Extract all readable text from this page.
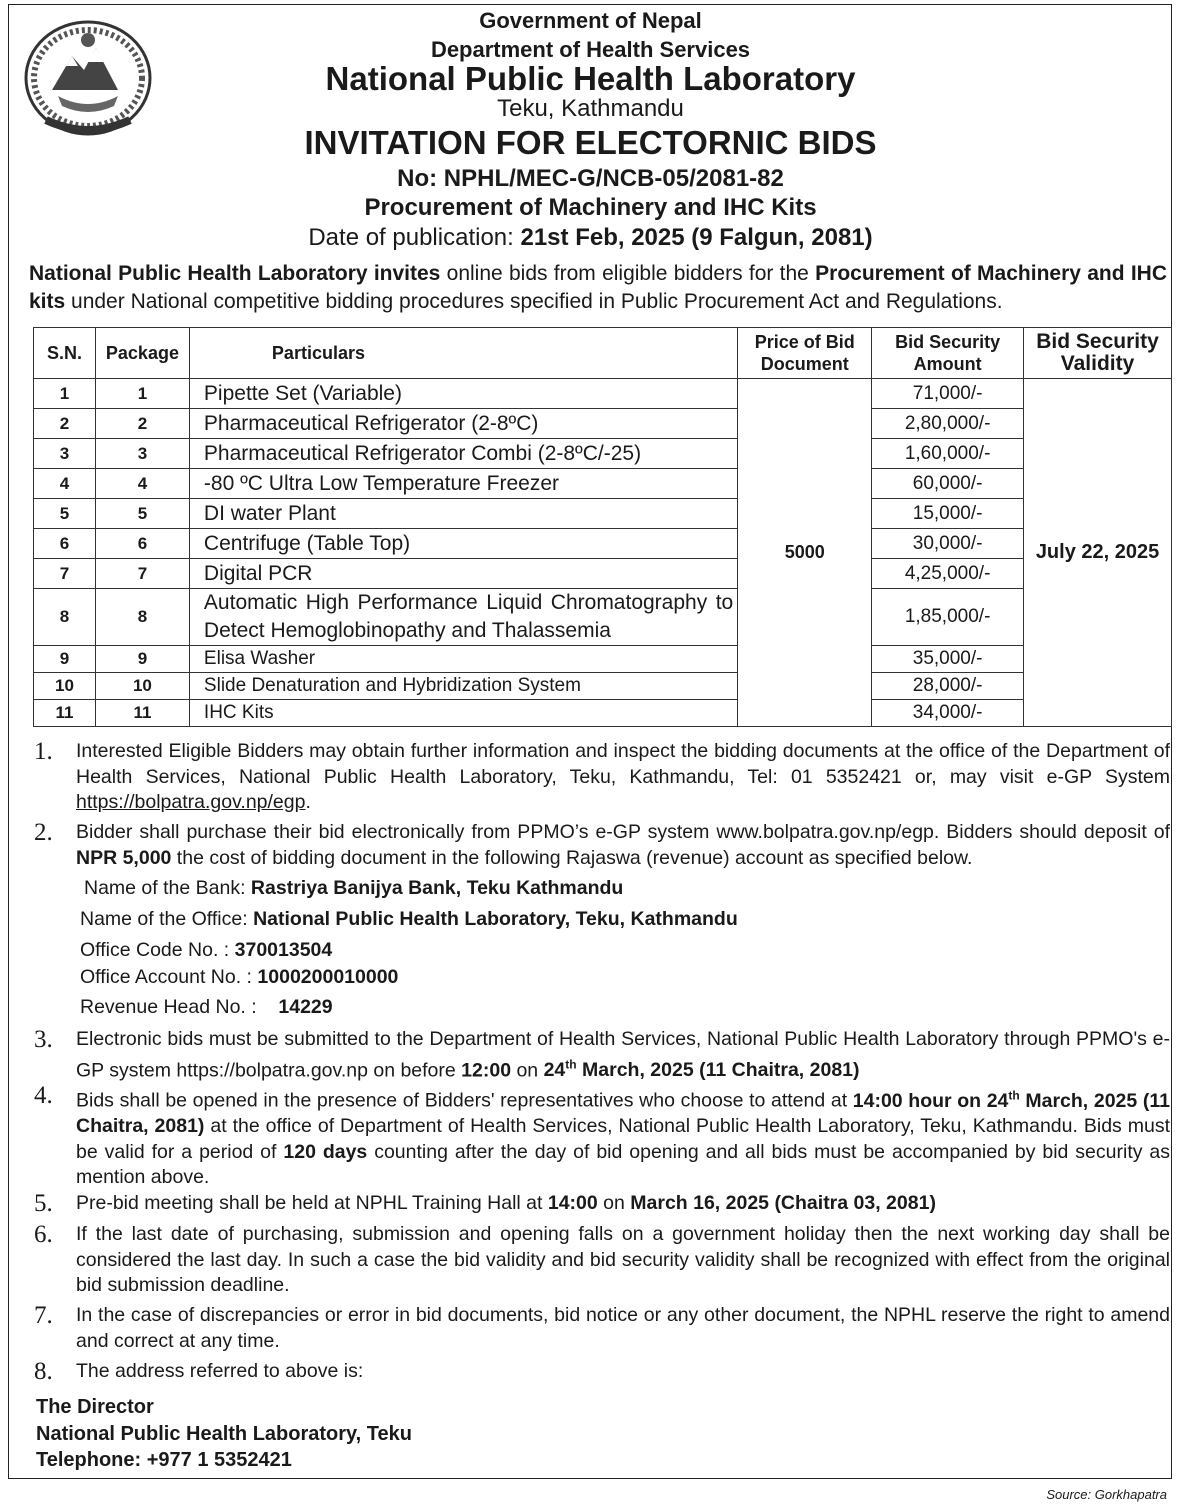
Government of Nepal
Department of Health Services
National Public Health Laboratory
Teku, Kathmandu
INVITATION FOR ELECTORNIC BIDS
No: NPHL/MEC-G/NCB-05/2081-82
Procurement of Machinery and IHC Kits
Date of publication: 21st Feb, 2025 (9 Falgun, 2081)
National Public Health Laboratory invites online bids from eligible bidders for the Procurement of Machinery and IHC kits under National competitive bidding procedures specified in Public Procurement Act and Regulations.
S.N.	Package	Particulars	Price of Bid Document	Bid Security Amount	Bid Security Validity
1	1	Pipette Set (Variable)	5000	71,000/-	July 22, 2025
2	2	Pharmaceutical Refrigerator (2-8ºC)		2,80,000/-	
3	3	Pharmaceutical Refrigerator Combi (2-8ºC/-25)		1,60,000/-	
4	4	-80 ºC Ultra Low Temperature Freezer		60,000/-	
5	5	DI water Plant		15,000/-	
6	6	Centrifuge (Table Top)		30,000/-	
7	7	Digital PCR		4,25,000/-	
8	8	Automatic High Performance Liquid Chromatography to Detect Hemoglobinopathy and Thalassemia		1,85,000/-	
9	9	Elisa Washer		35,000/-	
10	10	Slide Denaturation and Hybridization System		28,000/-	
11	11	IHC Kits		34,000/-	
1. Interested Eligible Bidders may obtain further information and inspect the bidding documents at the office of the Department of Health Services, National Public Health Laboratory, Teku, Kathmandu, Tel: 01 5352421 or, may visit e-GP System https://bolpatra.gov.np/egp.
2. Bidder shall purchase their bid electronically from PPMO’s e-GP system www.bolpatra.gov.np/egp. Bidders should deposit of NPR 5,000 the cost of bidding document in the following Rajaswa (revenue) account as specified below.
Name of the Bank: Rastriya Banijya Bank, Teku Kathmandu
Name of the Office: National Public Health Laboratory, Teku, Kathmandu
Office Code No. : 370013504
Office Account No. : 1000200010000
Revenue Head No. :    14229
3. Electronic bids must be submitted to the Department of Health Services, National Public Health Laboratory through PPMO's e-GP system https://bolpatra.gov.np on before 12:00 on 24th March, 2025 (11 Chaitra, 2081)
4. Bids shall be opened in the presence of Bidders' representatives who choose to attend at 14:00 hour on 24th March, 2025 (11 Chaitra, 2081) at the office of Department of Health Services, National Public Health Laboratory, Teku, Kathmandu. Bids must be valid for a period of 120 days counting after the day of bid opening and all bids must be accompanied by bid security as mention above.
5. Pre-bid meeting shall be held at NPHL Training Hall at 14:00 on March 16, 2025 (Chaitra 03, 2081)
6. If the last date of purchasing, submission and opening falls on a government holiday then the next working day shall be considered the last day. In such a case the bid validity and bid security validity shall be recognized with effect from the original bid submission deadline.
7. In the case of discrepancies or error in bid documents, bid notice or any other document, the NPHL reserve the right to amend and correct at any time.
8. The address referred to above is:
The Director
National Public Health Laboratory, Teku
Telephone: +977 1 5352421
Source: Gorkhapatra
